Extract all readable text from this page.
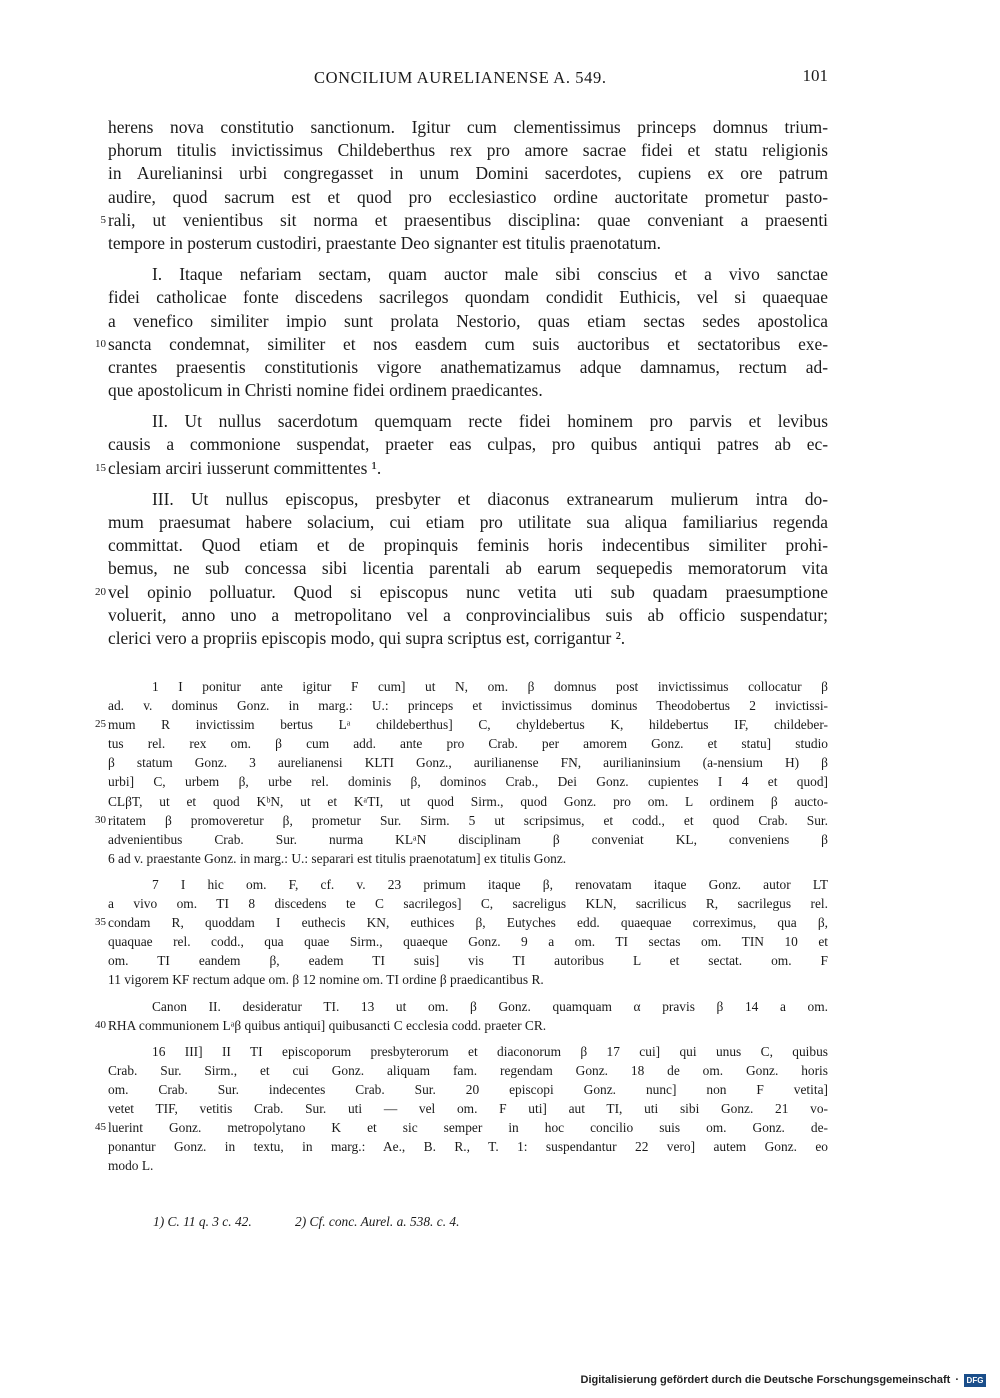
CONCILIUM AURELIANENSE A. 549.	101
herens nova constitutio sanctionum. Igitur cum clementissimus princeps domnus trium-
phorum titulis invictissimus Childeberthus rex pro amore sacrae fidei et statu religionis
in Aurelianinsi urbi congregasset in unum Domini sacerdotes, cupiens ex ore patrum
audire, quod sacrum est et quod pro ecclesiastico ordine auctoritate prometur pasto-
rali, ut venientibus sit norma et praesentibus disciplina: quae conveniant a praesenti
5
tempore in posterum custodiri, praestante Deo signanter est titulis praenotatum.
I. Itaque nefariam sectam, quam auctor male sibi conscius et a vivo sanctae
fidei catholicae fonte discedens sacrilegos quondam condidit Euthicis, vel si quaequae
a venefico similiter impio sunt prolata Nestorio, quas etiam sectas sedes apostolica
sancta condemnat, similiter et nos easdem cum suis auctoribus et sectatoribus exe-
10
crantes praesentis constitutionis vigore anathematizamus adque damnamus, rectum ad-
que apostolicum in Christi nomine fidei ordinem praedicantes.
II. Ut nullus sacerdotum quemquam recte fidei hominem pro parvis et levibus
causis a commonione suspendat, praeter eas culpas, pro quibus antiqui patres ab ec-
clesiam arciri iusserunt committentes ¹.
15
III. Ut nullus episcopus, presbyter et diaconus extranearum mulierum intra do-
mum praesumat habere solacium, cui etiam pro utilitate sua aliqua familiarius regenda
committat. Quod etiam et de propinquis feminis horis indecentibus similiter prohi-
bemus, ne sub concessa sibi licentia parentali ab earum sequepedis memoratorum vita
vel opinio polluatur. Quod si episcopus nunc vetita uti sub quadam praesumptione
20
voluerit, anno uno a metropolitano vel a conprovincialibus suis ab officio suspendatur;
clerici vero a propriis episcopis modo, qui supra scriptus est, corrigantur ².
1 I ponitur ante igitur F cum] ut N, om. β domnus post invictissimus collocatur β
ad. v. dominus Gonz. in marg.: U.: princeps et invictissimus dominus Theodobertus 2 invictissi-
mum R invictissim bertus Lᵃ childeberthus] C, chyldebertus K, hildebertus IF, childeber-
25
tus rel. rex om. β cum add. ante pro Crab. per amorem Gonz. et statu] studio
β statum Gonz. 3 aurelianensi KLTI Gonz., aurilianense FN, aurilianinsium (a-nensium H) β
urbi] C, urbem β, urbe rel. dominis β, dominos Crab., Dei Gonz. cupientes I 4 et quod]
CLβT, ut et quod KᵇN, ut et KᵃTI, ut quod Sirm., quod Gonz. pro om. L ordinem β aucto-
ritatem β promoveretur β, prometur Sur. Sirm. 5 ut scripsimus, et codd., et quod Crab. Sur.
30
advenientibus Crab. Sur. nurma KLᵃN disciplinam β conveniat KL, conveniens β
6 ad v. praestante Gonz. in marg.: U.: separari est titulis praenotatum] ex titulis Gonz.
7 I hic om. F, cf. v. 23 primum itaque β, renovatam itaque Gonz. autor LT
a vivo om. TI 8 discedens te C sacrilegos] C, sacreligus KLN, sacrilicus R, sacrilegus rel.
condam R, quoddam I euthecis KN, euthices β, Eutyches edd. quaequae correximus, qua β,
35
quaquae rel. codd., qua quae Sirm., quaeque Gonz. 9 a om. TI sectas om. TIN 10 et
om. TI eandem β, eadem TI suis] vis TI autoribus L et sectat. om. F
11 vigorem KF rectum adque om. β 12 nomine om. TI ordine β praedicantibus R.
Canon II. desideratur TI. 13 ut om. β Gonz. quamquam α pravis β 14 a om.
RHA communionem Lᵃβ quibus antiqui] quibusancti C ecclesia codd. praeter CR.
40
16 III] II TI episcoporum presbyterorum et diaconorum β 17 cui] qui unus C, quibus
Crab. Sur. Sirm., et cui Gonz. aliquam fam. regendam Gonz. 18 de om. Gonz. horis
om. Crab. Sur. indecentes Crab. Sur. 20 episcopi Gonz. nunc] non F vetita]
vetet TIF, vetitis Crab. Sur. uti — vel om. F uti] aut TI, uti sibi Gonz. 21 vo-
luerint Gonz. metropolytano K et sic semper in hoc concilio suis om. Gonz. de-
45
ponantur Gonz. in textu, in marg.: Ae., B. R., T. 1: suspendantur 22 vero] autem Gonz. eo
modo L.
1) C. 11 q. 3 c. 42.	2) Cf. conc. Aurel. a. 538. c. 4.
Digitalisierung gefördert durch die Deutsche Forschungsgemeinschaft · DFG
